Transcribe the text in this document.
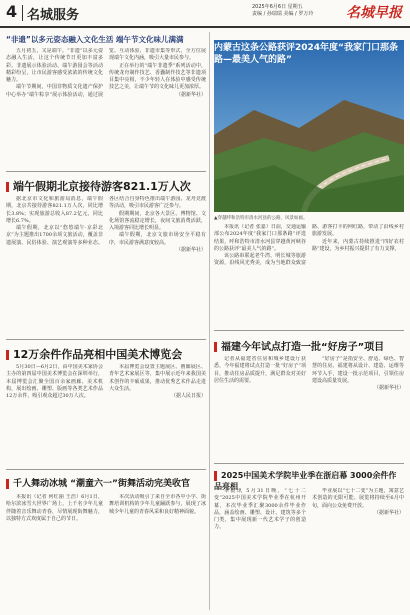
4 名城服务
2025年6月6日 星期五
责编 / 孙瑞瑞 美编 / 罗万玲 名城早报
“非遗”以多元姿态融入文化生活 端午节文化味儿满满

五月初五，又是端午。“非遗”以多元姿态融入生活，让这个传统节日更加丰富多彩。非遗展示体验活动、端午游园会等活动精彩纷呈，让市民游客感受浓浓的传统文化魅力。

端午节期间，中国非物质文化遗产保护中心举办“端午粽享”展示体验活动，通过展览、互动体验、非遗市集等形式，全方位展现端午文化内涵，吸引大量市民参与。

正在举行的“端午非遗季”系列活动中，传统龙舟制作技艺、香囊制作技艺等非遗项目集中亮相，不少年轻人在体验中感受传统技艺之美，让端午节的文化味儿更加浓厚。

（据新华社）
端午假期北京接待游客821.1万人次

据北京市文化和旅游局消息，端午假期，北京共接待游客821.1万人次，同比增长3.8%；实现旅游总收入87.2亿元，同比增长6.7%。

端午假期，北京以“悠悠端午·京彩北京”为主题推出1700余项文旅活动，覆盖非遗展演、民俗体验、演艺观演等多种业态。各区结合自身特色推出端午游园、龙舟竞渡等活动，吸引市民游客广泛参与。

假期期间，北京各大景区、博物馆、文化场馆客流稳定增长，夜间文旅消费活跃，入境游客同比增长明显。

端午假期，北京文旅市场安全平稳有序，市民游客满意度较高。

（据新华社）
12万余件作品亮相中国美术博览会

5月30日—6月2日，由中国美术家协会主办的第四届中国美术博览会在深圳举行，本届博览会汇聚全国百余家画廊、美术机构，展出绘画、雕塑、版画等各类艺术作品12万余件，吸引观众超过30万人次。

本届博览会设置主题展区、画廊展区、青年艺术家展区等，集中展示近年来我国美术创作的丰硕成果，推动优秀艺术作品走进大众生活。

（据人民日报）
千人舞动冰城 “潮童六一”街舞活动完美收官

本报讯（记者 何红丽 王浩）6月1日，哈尔滨冰雪大世界广场上，上千名少年儿童伴随着音乐舞动青春，尽情展现街舞魅力，以独特方式欢度属于自己的节日。

本次活动吸引了来自全市各中小学、街舞培训机构的少年儿童踊跃参与，展现了冰城少年儿童的青春风采和良好精神面貌。

内蒙古这条公路获评2024年度“我家门口那条路—最美人气的路”
▲穿越呼和浩特市清水河县的公路，风景如画。

本报讯（记者 张嘉）日前，交通运输部公布2024年度“我家门口那条路”评选结果，呼和浩特市清水河县穿越黄河峡谷的公路获评“最美人气的路”。

该公路串联起老牛湾、明长城等旅游资源，沿线风光秀美，成为当地群众致富路、游客打卡的网红路，带动了沿线乡村旅游发展。

近年来，内蒙古持续推进“四好农村路”建设，为乡村振兴提供了有力支撑。

福建今年试点打造一批“好房子”项目

记者从福建省住房和城乡建设厅获悉，今年福建将试点打造一批“好房子”项目，推动住房品质提升，满足群众对美好居住生活的需要。

“好房子”是指安全、舒适、绿色、智慧的住房。福建将从设计、建造、运维等环节入手，建设一批示范项目，引领住房建设高质量发展。

（据新华社）
2025中国美术学院毕业季在浙启幕 3000余件作品亮相

本报讯 5月31日晚，“七十二变”2025中国美术学院毕业季在杭州开幕，本次毕业季汇聚3000余件毕业作品，涵盖绘画、雕塑、设计、建筑等多个门类，集中展现新一代艺术学子的创造力。

毕业展以“七十二变”为主题，寓意艺术创造的无限可能。展览将持续至6月中旬，面向公众免费开放。

（据新华社）
